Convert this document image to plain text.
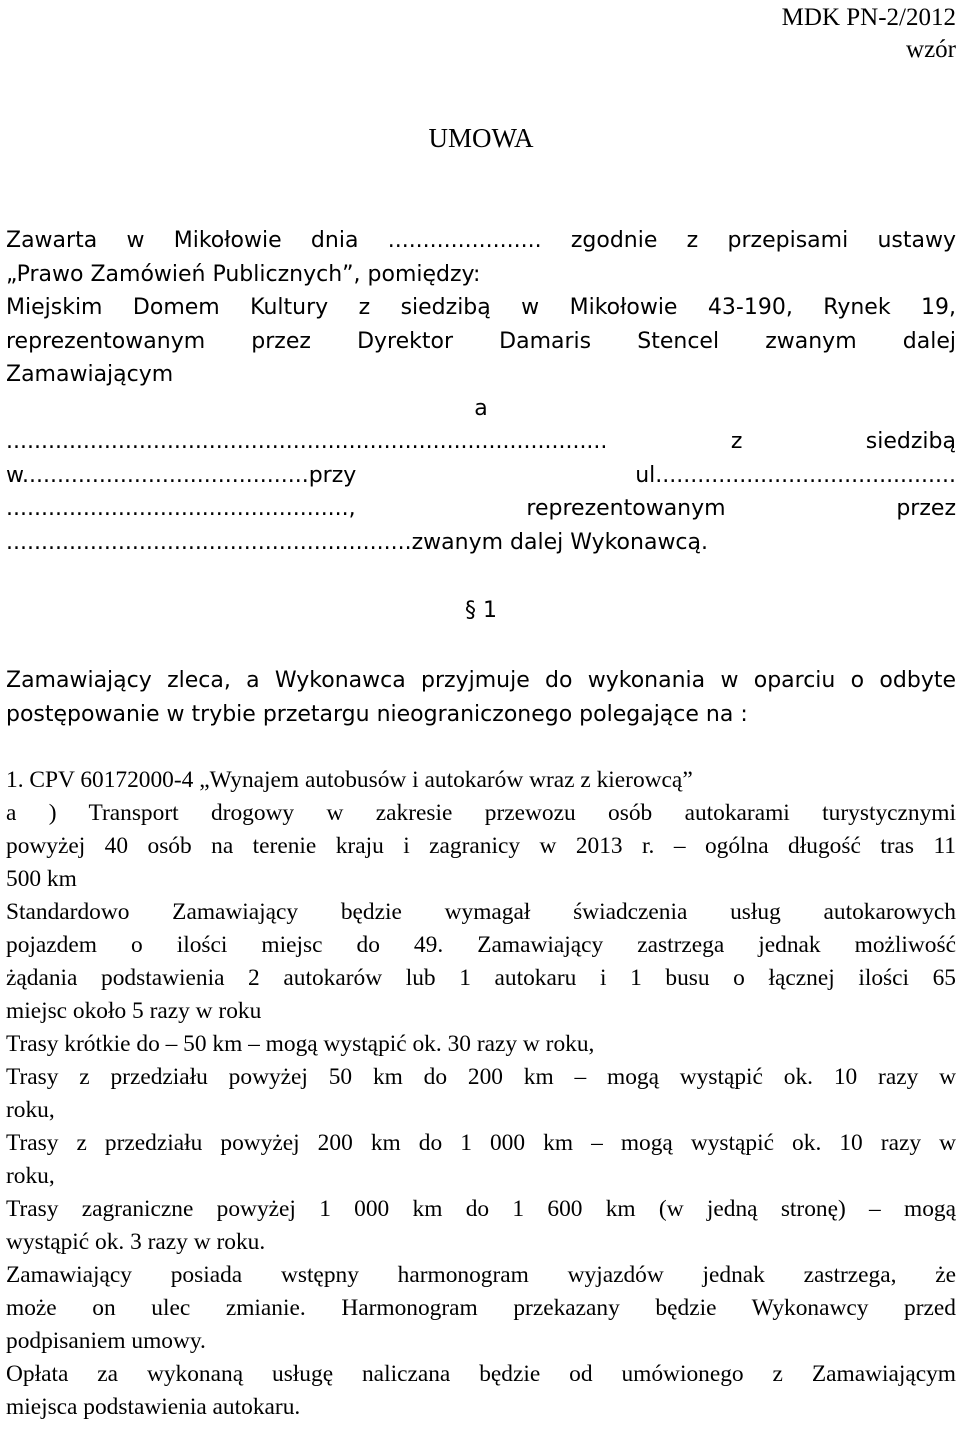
MDK PN-2/2012
wzór
UMOWA
Zawarta w Mikołowie dnia ...................... zgodnie z przepisami ustawy
„Prawo Zamówień Publicznych”, pomiędzy:
Miejskim Domem Kultury z siedzibą w Mikołowie 43-190, Rynek 19,
reprezentowanym przez Dyrektor Damaris Stencel zwanym dalej
Zamawiającym
a
...................................................................................... z siedzibą
w.........................................przy ul...........................................
................................................., reprezentowanym przez
..........................................................zwanym dalej Wykonawcą.
§ 1
Zamawiający zleca, a Wykonawca przyjmuje do wykonania w oparciu o odbyte
postępowanie w trybie przetargu nieograniczonego polegające na :
1. CPV 60172000-4 „Wynajem autobusów i autokarów wraz z kierowcą”
a ) Transport drogowy w zakresie przewozu osób autokarami turystycznymi
powyżej 40 osób na terenie kraju i zagranicy w 2013 r. – ogólna długość tras 11
500 km
Standardowo Zamawiający będzie wymagał świadczenia usług autokarowych
pojazdem o ilości miejsc do 49. Zamawiający zastrzega jednak możliwość
żądania podstawienia 2 autokarów lub 1 autokaru i 1 busu o łącznej ilości 65
miejsc około 5 razy w roku
Trasy krótkie do – 50 km – mogą wystąpić ok. 30 razy w roku,
Trasy z przedziału powyżej 50 km do 200 km – mogą wystąpić ok. 10 razy w
roku,
Trasy z przedziału powyżej 200 km do 1 000 km – mogą wystąpić ok. 10 razy w
roku,
Trasy zagraniczne powyżej 1 000 km do 1 600 km (w jedną stronę) – mogą
wystąpić ok. 3 razy w roku.
Zamawiający posiada wstępny harmonogram wyjazdów jednak zastrzega, że
może on ulec zmianie. Harmonogram przekazany będzie Wykonawcy przed
podpisaniem umowy.
Opłata za wykonaną usługę naliczana będzie od umówionego z Zamawiającym
miejsca podstawienia autokaru.
